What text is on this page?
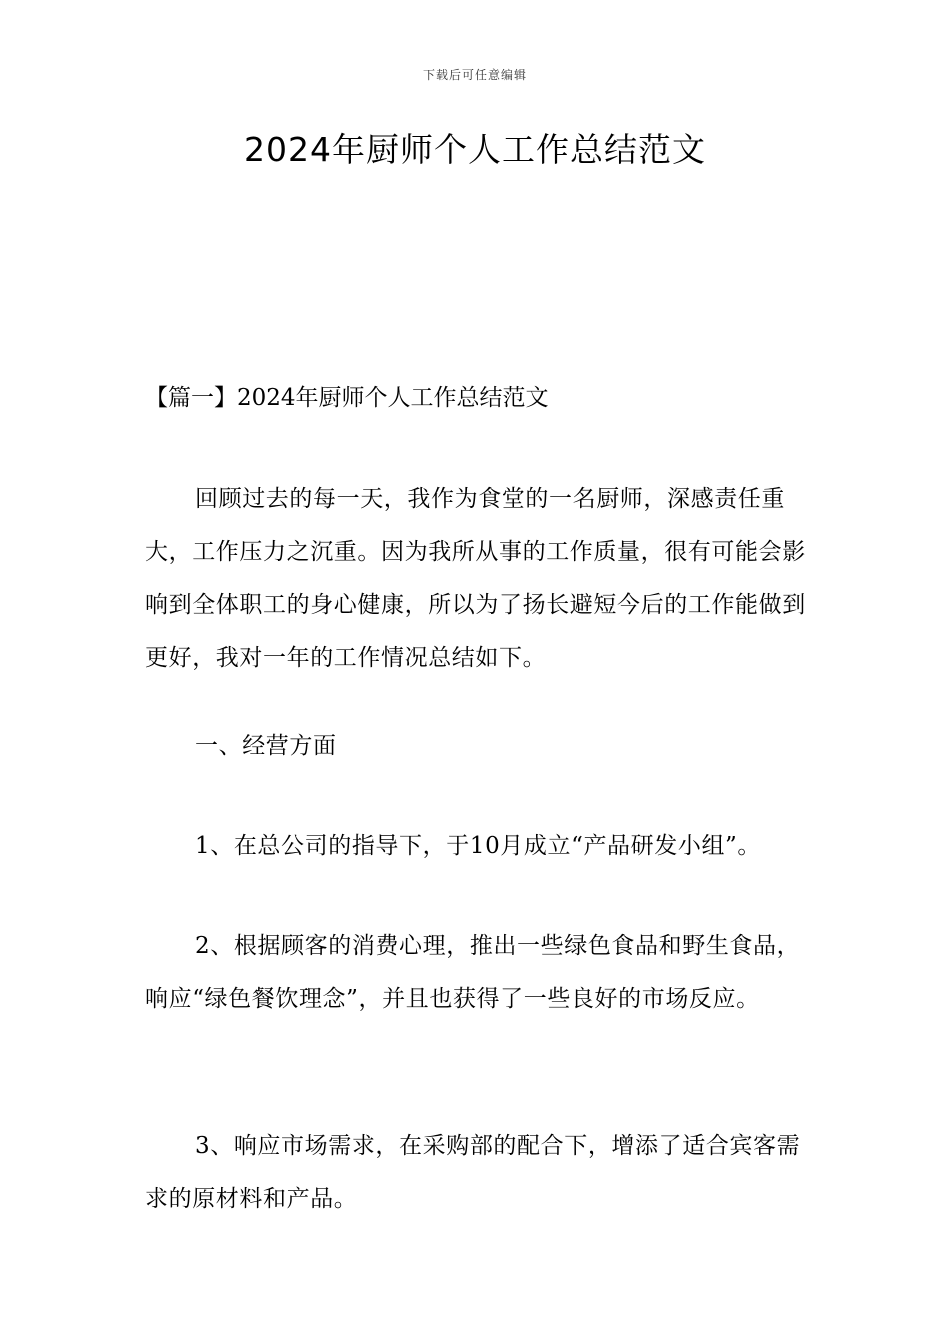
下载后可任意编辑
2024年厨师个人工作总结范文
【篇一】2024年厨师个人工作总结范文

回顾过去的每一天，我作为食堂的一名厨师，深感责任重大，工作压力之沉重。因为我所从事的工作质量，很有可能会影响到全体职工的身心健康，所以为了扬长避短今后的工作能做到更好，我对一年的工作情况总结如下。

一、经营方面

1、在总公司的指导下，于10月成立“产品研发小组”。

2、根据顾客的消费心理，推出一些绿色食品和野生食品，响应“绿色餐饮理念”，并且也获得了一些良好的市场反应。

3、响应市场需求，在采购部的配合下，增添了适合宾客需求的原材料和产品。
